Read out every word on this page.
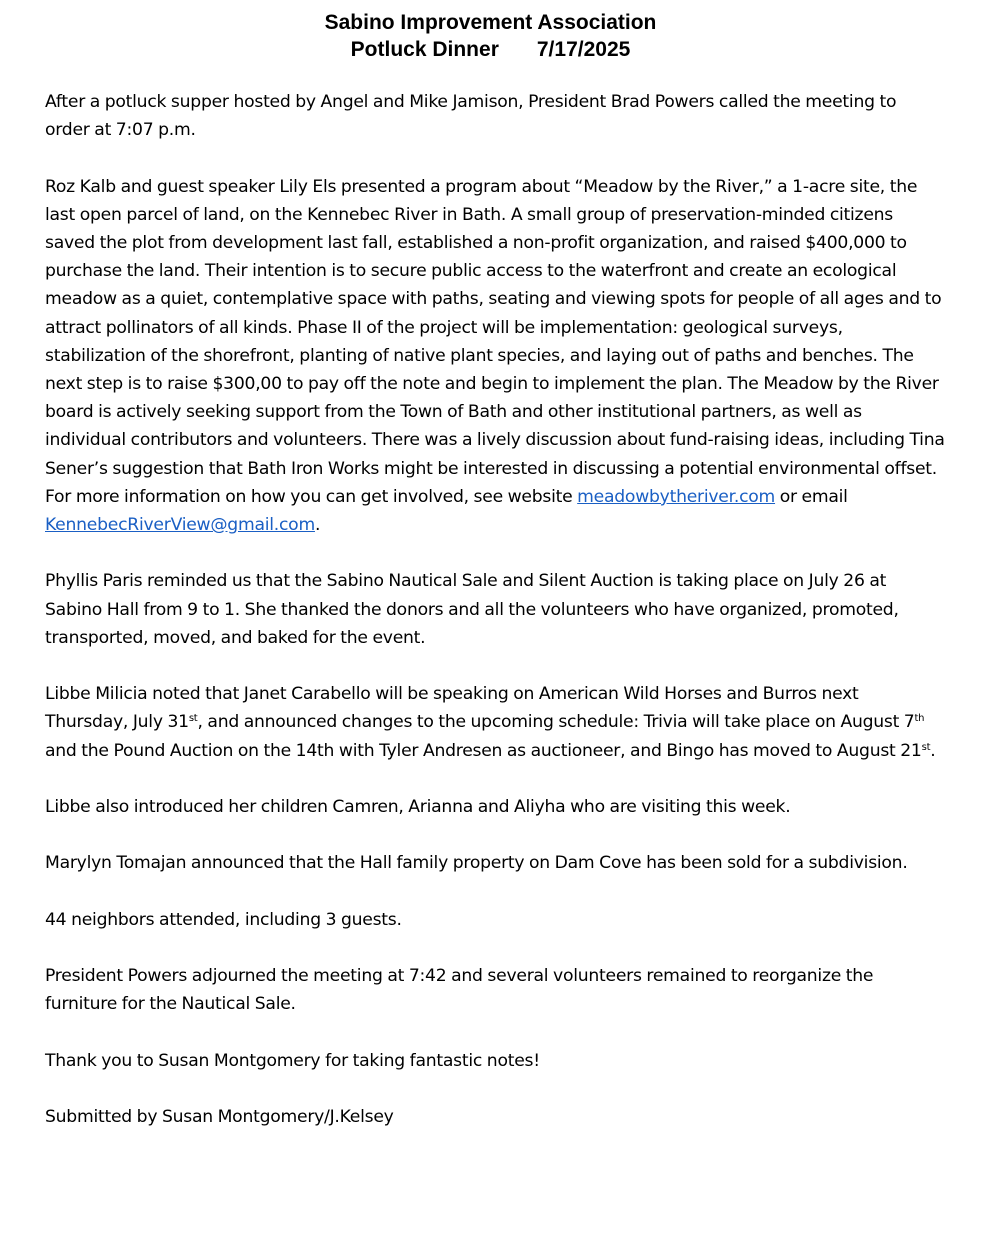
Sabino Improvement Association
Potluck Dinner 7/17/2025

After a potluck supper hosted by Angel and Mike Jamison, President Brad Powers called the meeting to order at 7:07 p.m.

Roz Kalb and guest speaker Lily Els presented a program about “Meadow by the River,” a 1-acre site, the last open parcel of land, on the Kennebec River in Bath. A small group of preservation-minded citizens saved the plot from development last fall, established a non-profit organization, and raised $400,000 to purchase the land. Their intention is to secure public access to the waterfront and create an ecological meadow as a quiet, contemplative space with paths, seating and viewing spots for people of all ages and to attract pollinators of all kinds. Phase II of the project will be implementation: geological surveys, stabilization of the shorefront, planting of native plant species, and laying out of paths and benches. The next step is to raise $300,00 to pay off the note and begin to implement the plan. The Meadow by the River board is actively seeking support from the Town of Bath and other institutional partners, as well as individual contributors and volunteers. There was a lively discussion about fund-raising ideas, including Tina Sener’s suggestion that Bath Iron Works might be interested in discussing a potential environmental offset. For more information on how you can get involved, see website meadowbytheriver.com or email KennebecRiverView@gmail.com.

Phyllis Paris reminded us that the Sabino Nautical Sale and Silent Auction is taking place on July 26 at Sabino Hall from 9 to 1. She thanked the donors and all the volunteers who have organized, promoted, transported, moved, and baked for the event.

Libbe Milicia noted that Janet Carabello will be speaking on American Wild Horses and Burros next Thursday, July 31st, and announced changes to the upcoming schedule: Trivia will take place on August 7th and the Pound Auction on the 14th with Tyler Andresen as auctioneer, and Bingo has moved to August 21st.

Libbe also introduced her children Camren, Arianna and Aliyha who are visiting this week.

Marylyn Tomajan announced that the Hall family property on Dam Cove has been sold for a subdivision.

44 neighbors attended, including 3 guests.

President Powers adjourned the meeting at 7:42 and several volunteers remained to reorganize the furniture for the Nautical Sale.

Thank you to Susan Montgomery for taking fantastic notes!

Submitted by Susan Montgomery/J.Kelsey
